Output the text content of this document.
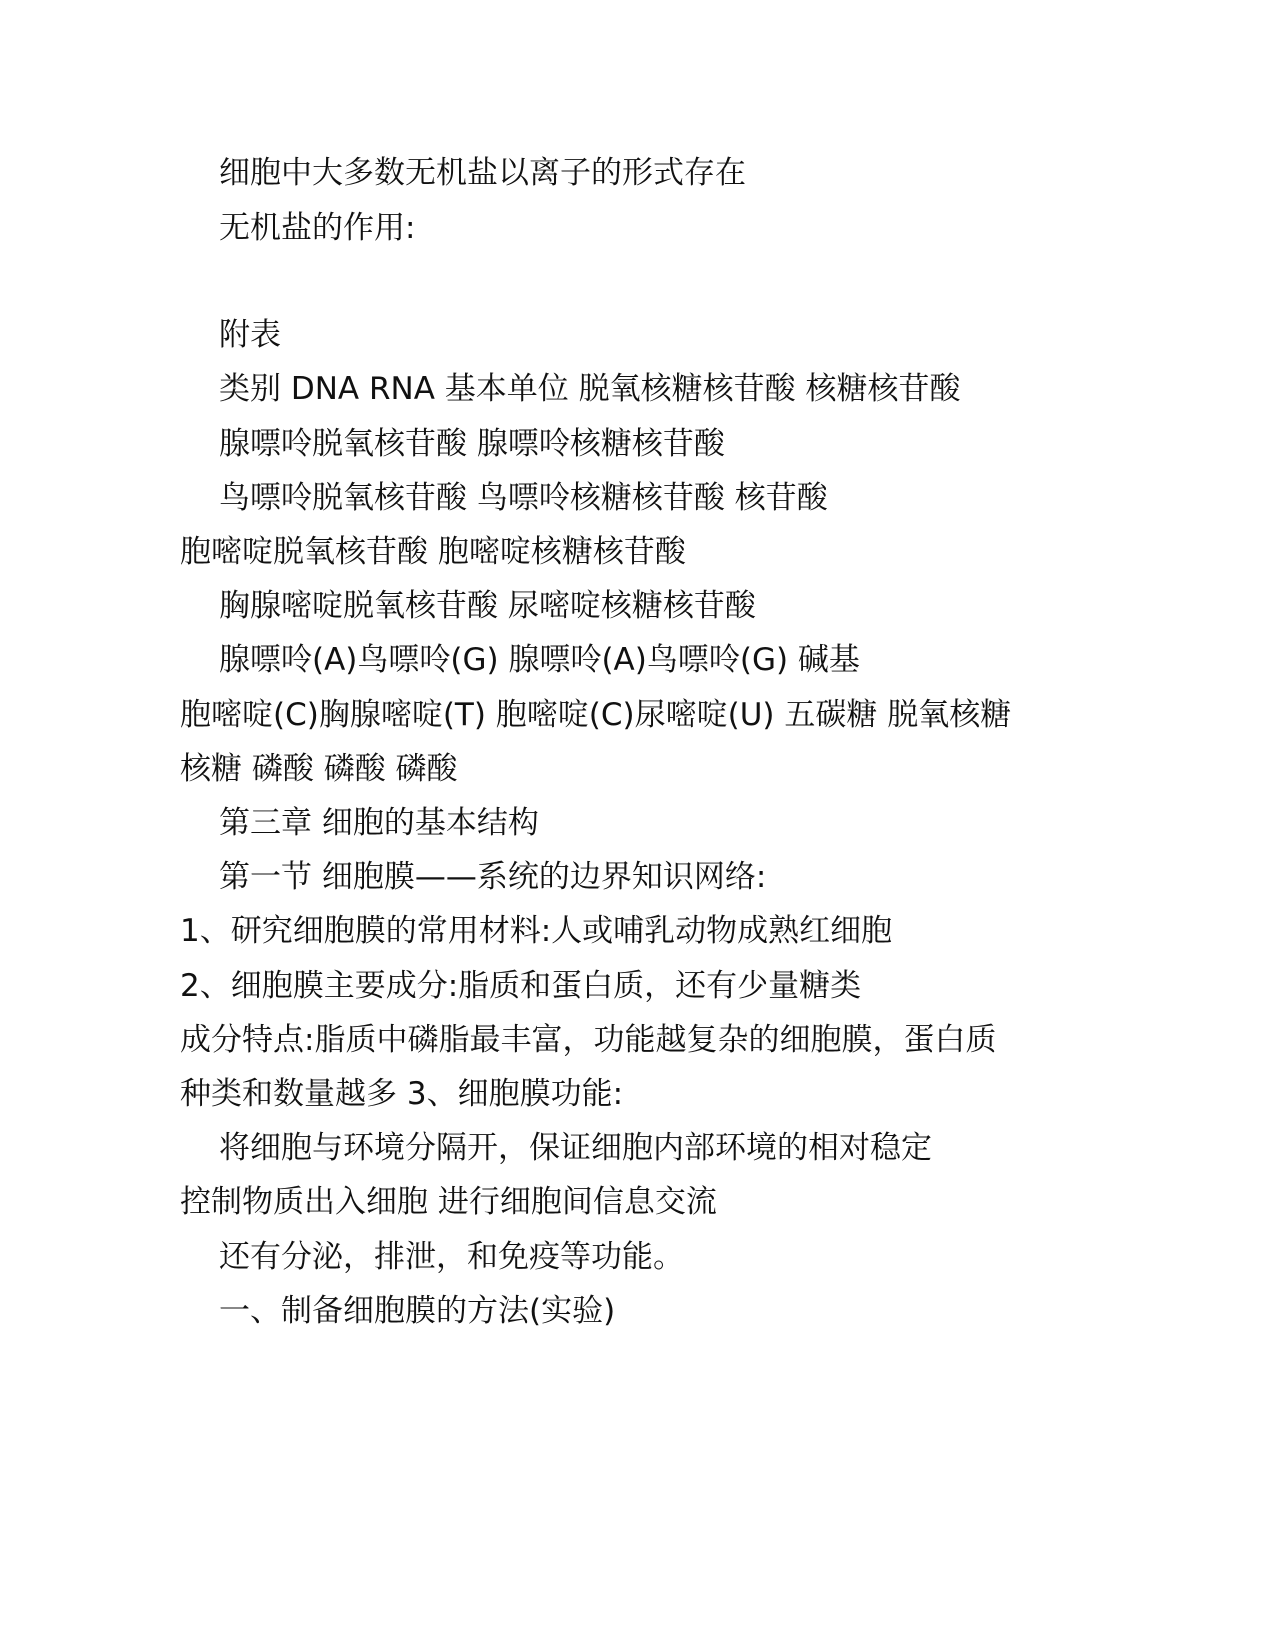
细胞中大多数无机盐以离子的形式存在
无机盐的作用:
附表
类别 DNA RNA 基本单位 脱氧核糖核苷酸 核糖核苷酸
腺嘌呤脱氧核苷酸 腺嘌呤核糖核苷酸
鸟嘌呤脱氧核苷酸 鸟嘌呤核糖核苷酸 核苷酸
胞嘧啶脱氧核苷酸 胞嘧啶核糖核苷酸
胸腺嘧啶脱氧核苷酸 尿嘧啶核糖核苷酸
腺嘌呤(A)鸟嘌呤(G) 腺嘌呤(A)鸟嘌呤(G) 碱基
胞嘧啶(C)胸腺嘧啶(T) 胞嘧啶(C)尿嘧啶(U) 五碳糖 脱氧核糖
核糖 磷酸 磷酸 磷酸
第三章 细胞的基本结构
第一节 细胞膜——系统的边界知识网络:
1、研究细胞膜的常用材料:人或哺乳动物成熟红细胞
2、细胞膜主要成分:脂质和蛋白质，还有少量糖类
成分特点:脂质中磷脂最丰富，功能越复杂的细胞膜，蛋白质
种类和数量越多 3、细胞膜功能:
将细胞与环境分隔开，保证细胞内部环境的相对稳定
控制物质出入细胞 进行细胞间信息交流
还有分泌，排泄，和免疫等功能。
一、制备细胞膜的方法(实验)
